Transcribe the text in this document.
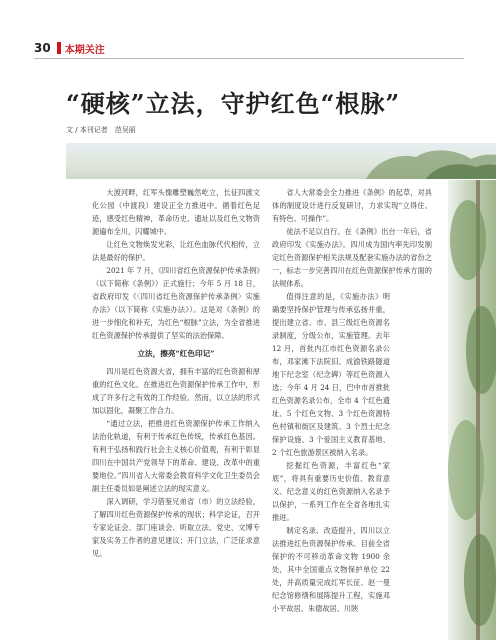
30 本期关注
“硬核”立法，守护红色“根脉”
文 / 本刊记者　范吴丽

大渡河畔，红军头像雕塑巍然屹立，长征四渡文化公园（中渡段）建设正全力推进中。循着红色足迹，感受红色精神，革命历史、遗址以及红色文物资源遍布全川，闪耀城中。

让红色文物焕发光彩，让红色血脉代代相传，立法是最好的保护。

2021 年 7 月，《四川省红色资源保护传承条例》（以下简称《条例》）正式施行；今年 5 月 18 日，省政府印发《〈四川省红色资源保护传承条例〉实施办法》（以下简称《实施办法》）。这是对《条例》的进一步细化和补充，为红色“根脉”立法，为全省推进红色资源保护传承提供了坚实的法治保障。

立法，擦亮“红色印记”

四川是红色资源大省，拥有丰富的红色资源和厚重的红色文化。在推进红色资源保护传承工作中，形成了许多行之有效的工作经验。然而，以立法的形式加以固化，凝聚工作合力。

“通过立法，把推进红色资源保护传承工作纳入法治化轨道，有利于传承红色传统，传承红色基因。有利于弘扬和践行社会主义核心价值观，有利于彰显四川在中国共产党领导下的革命、建设、改革中的重要地位。”四川省人大常委会教育科学文化卫生委员会副主任委员如是阐述立法的现实意义。

深入调研，学习借鉴兄弟省（市）的立法经验，了解四川红色资源保护传承的现状；科学论证，召开专家论证会、部门座谈会、听取立法、党史、文博专家及实务工作者的意见建议；开门立法，广泛征求意见。

省人大常委会全力推进《条例》的起草，对具体的制度设计进行反复研讨，力求实现“立得住、有特色、可操作”。

徒法不足以自行。在《条例》出台一年后，省政府印发《实施办法》。四川成为国内率先印发制定红色资源保护相关法规及配套实施办法的省份之一，标志一步完善四川在红色资源保护传承方面的法规体系。

值得注意的是，《实施办法》明确要坚持保护管理与传承弘扬并重，提出建立省、市、县三级红色资源名录制度，分级公布，实施管理。去年 12 月，首批内江市红色资源名录公布，邓家滩下法院旧、成渝铁路隧道地下纪念室（纪念碑）等红色资源入选；今年 4 月 24 日，巴中市首推批红色资源名录公布，全市 4 个红色遗址、5 个红色文物、3 个红色资源特色村镇和街区及建筑、3 个烈士纪念保护设施、3 个爱国主义教育基地、2 个红色旅游景区被纳入名录。

挖掘红色资源，丰富红色“家底”，将具有重要历史价值、教育意义、纪念意义的红色资源纳入名录予以保护，一系列工作在全省各地扎实推进。

制定名录、改造提升，四川以立法推进红色资源保护传承。目前全省保护的不可移动革命文物 1900 余处，其中全国重点文物保护单位 22 处，并高质量完成红军长征、赵一曼纪念馆修缮和展陈提升工程，实施邓小平故居、朱德故居、川陕
